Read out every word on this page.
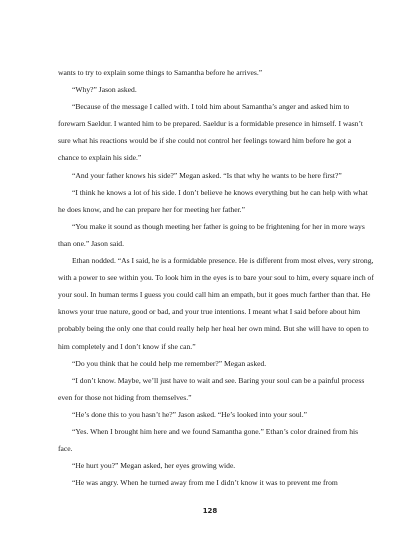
wants to try to explain some things to Samantha before he arrives.”

“Why?” Jason asked.

“Because of the message I called with. I told him about Samantha’s anger and asked him to forewarn Saeldur. I wanted him to be prepared. Saeldur is a formidable presence in himself. I wasn’t sure what his reactions would be if she could not control her feelings toward him before he got a chance to explain his side.”

“And your father knows his side?” Megan asked. “Is that why he wants to be here first?”

“I think he knows a lot of his side. I don’t believe he knows everything but he can help with what he does know, and he can prepare her for meeting her father.”

“You make it sound as though meeting her father is going to be frightening for her in more ways than one.” Jason said.

Ethan nodded. “As I said, he is a formidable presence. He is different from most elves, very strong, with a power to see within you. To look him in the eyes is to bare your soul to him, every square inch of your soul. In human terms I guess you could call him an empath, but it goes much farther than that. He knows your true nature, good or bad, and your true intentions. I meant what I said before about him probably being the only one that could really help her heal her own mind. But she will have to open to him completely and I don’t know if she can.”

“Do you think that he could help me remember?” Megan asked.

“I don’t know. Maybe, we’ll just have to wait and see. Baring your soul can be a painful process even for those not hiding from themselves.”

“He’s done this to you hasn’t he?” Jason asked. “He’s looked into your soul.”

“Yes. When I brought him here and we found Samantha gone.” Ethan’s color drained from his face.

“He hurt you?” Megan asked, her eyes growing wide.

“He was angry. When he turned away from me I didn’t know it was to prevent me from

128
